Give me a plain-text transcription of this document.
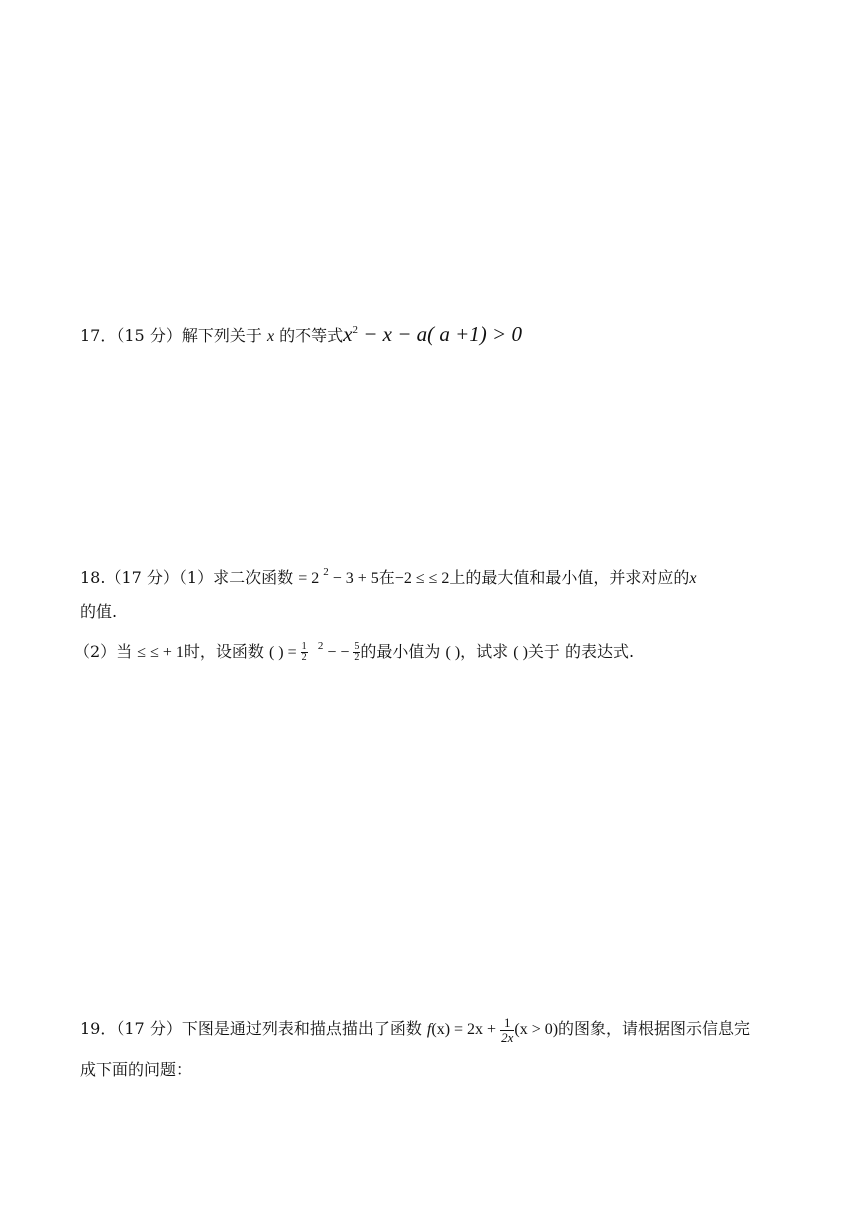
17．（15 分）解下列关于 x 的不等式$x^2 - x - a$( a +1) > 0
18.（17 分）（1）求二次函数 = 2 $^2$ − 3 + 5在−2 ≤ ≤ 2上的最大值和最小值，并求对应的x
的值.
（2）当 ≤ ≤ + 1时，设函数 ( ) = $\frac{1}{2} ^2$ − − $\frac{5}{2}$ 的最小值为 ( )，试求 ( )关于 的表达式.
19．（17 分）下图是通过列表和描点描出了函数 $f(x) = 2x + \frac{1}{2x} (x > 0)$的图象，请根据图示信息完
成下面的问题：
